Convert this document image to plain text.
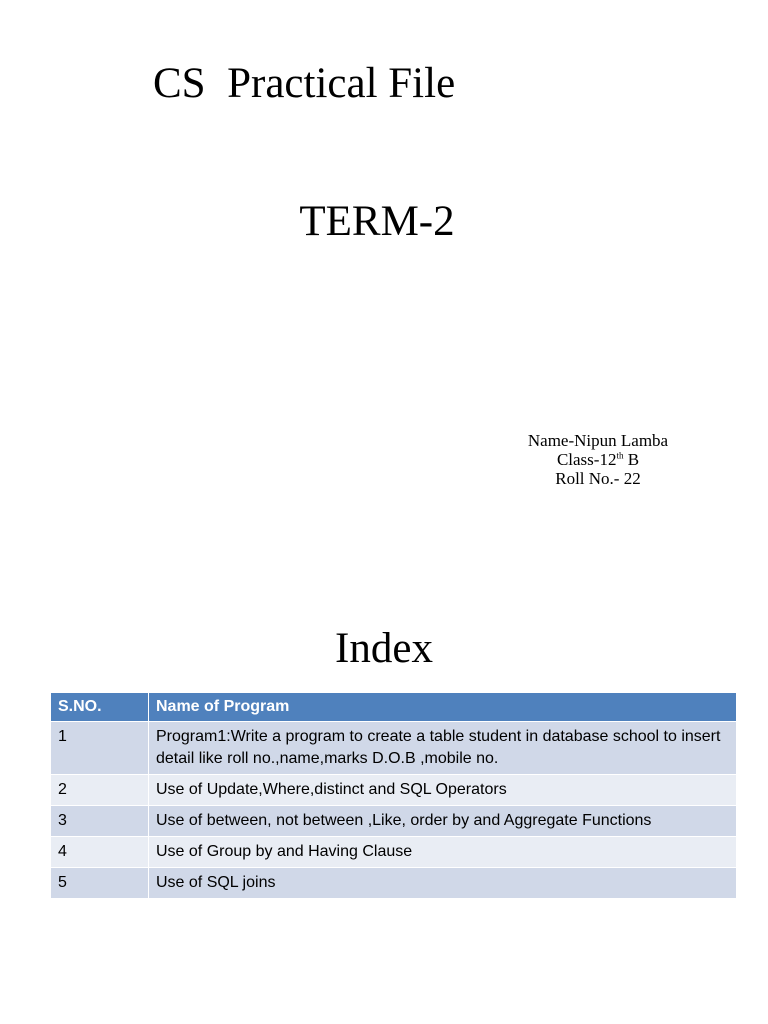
CS  Practical File
TERM-2
Name-Nipun Lamba
Class-12th B
Roll No.- 22
Index
S.NO.	Name of Program
1	Program1:Write a program to create a table student in database school to insert detail like roll no.,name,marks D.O.B ,mobile no.
2	Use of Update,Where,distinct and SQL Operators
3	Use of between, not between ,Like, order by and Aggregate Functions
4	Use of Group by and Having Clause
5	Use of SQL joins
